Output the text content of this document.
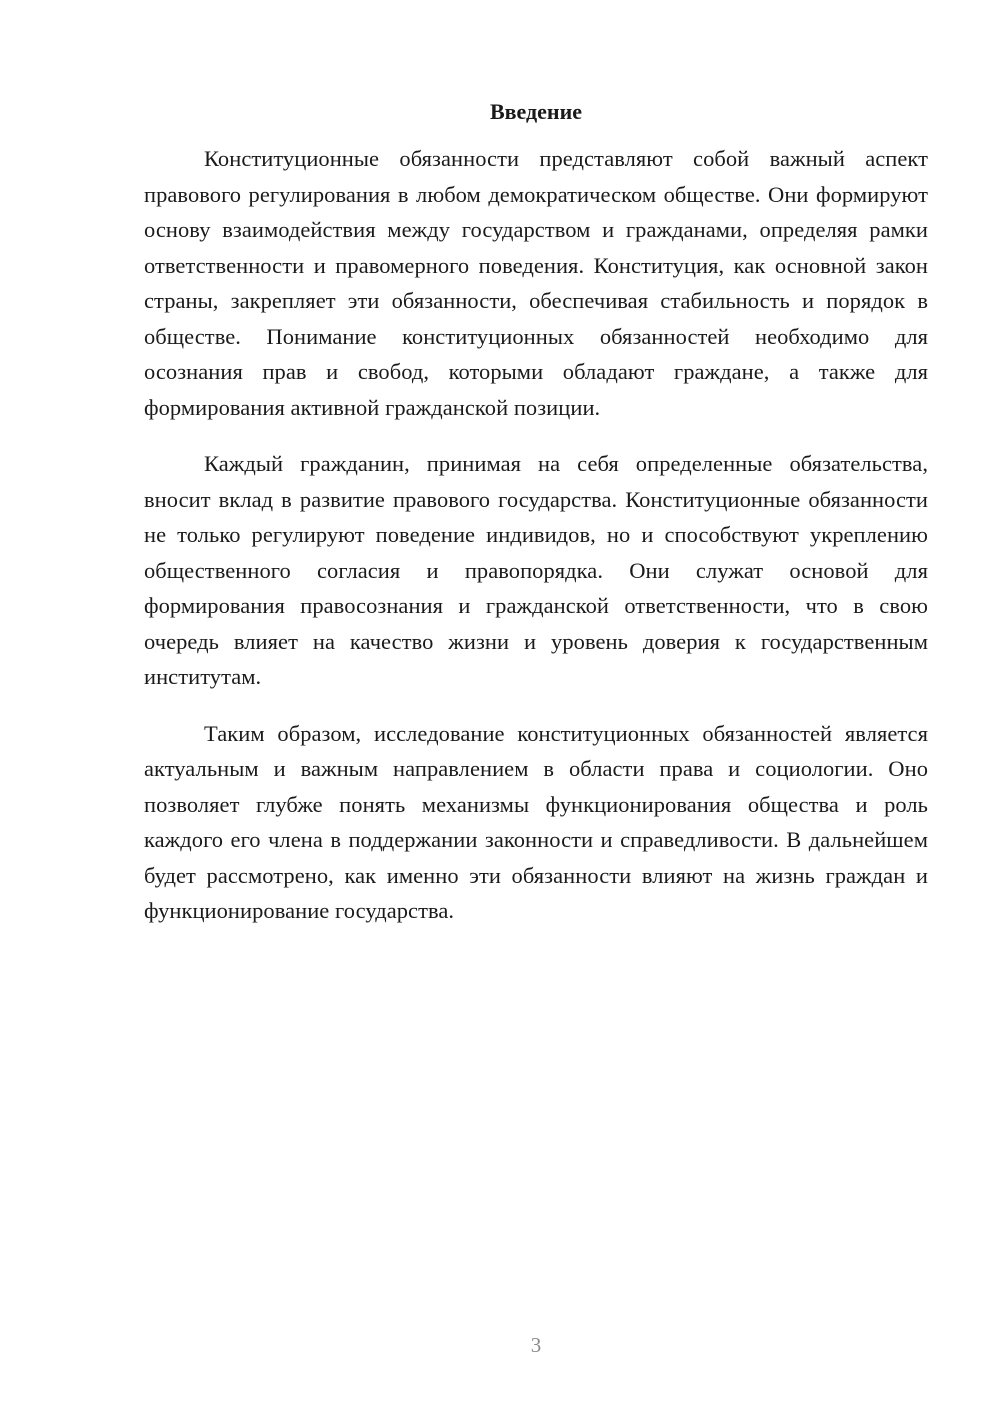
Введение

Конституционные обязанности представляют собой важный аспект правового регулирования в любом демократическом обществе. Они формируют основу взаимодействия между государством и гражданами, определяя рамки ответственности и правомерного поведения. Конституция, как основной закон страны, закрепляет эти обязанности, обеспечивая стабильность и порядок в обществе. Понимание конституционных обязанностей необходимо для осознания прав и свобод, которыми обладают граждане, а также для формирования активной гражданской позиции.

Каждый гражданин, принимая на себя определенные обязательства, вносит вклад в развитие правового государства. Конституционные обязанности не только регулируют поведение индивидов, но и способствуют укреплению общественного согласия и правопорядка. Они служат основой для формирования правосознания и гражданской ответственности, что в свою очередь влияет на качество жизни и уровень доверия к государственным институтам.

Таким образом, исследование конституционных обязанностей является актуальным и важным направлением в области права и социологии. Оно позволяет глубже понять механизмы функционирования общества и роль каждого его члена в поддержании законности и справедливости. В дальнейшем будет рассмотрено, как именно эти обязанности влияют на жизнь граждан и функционирование государства.

3
